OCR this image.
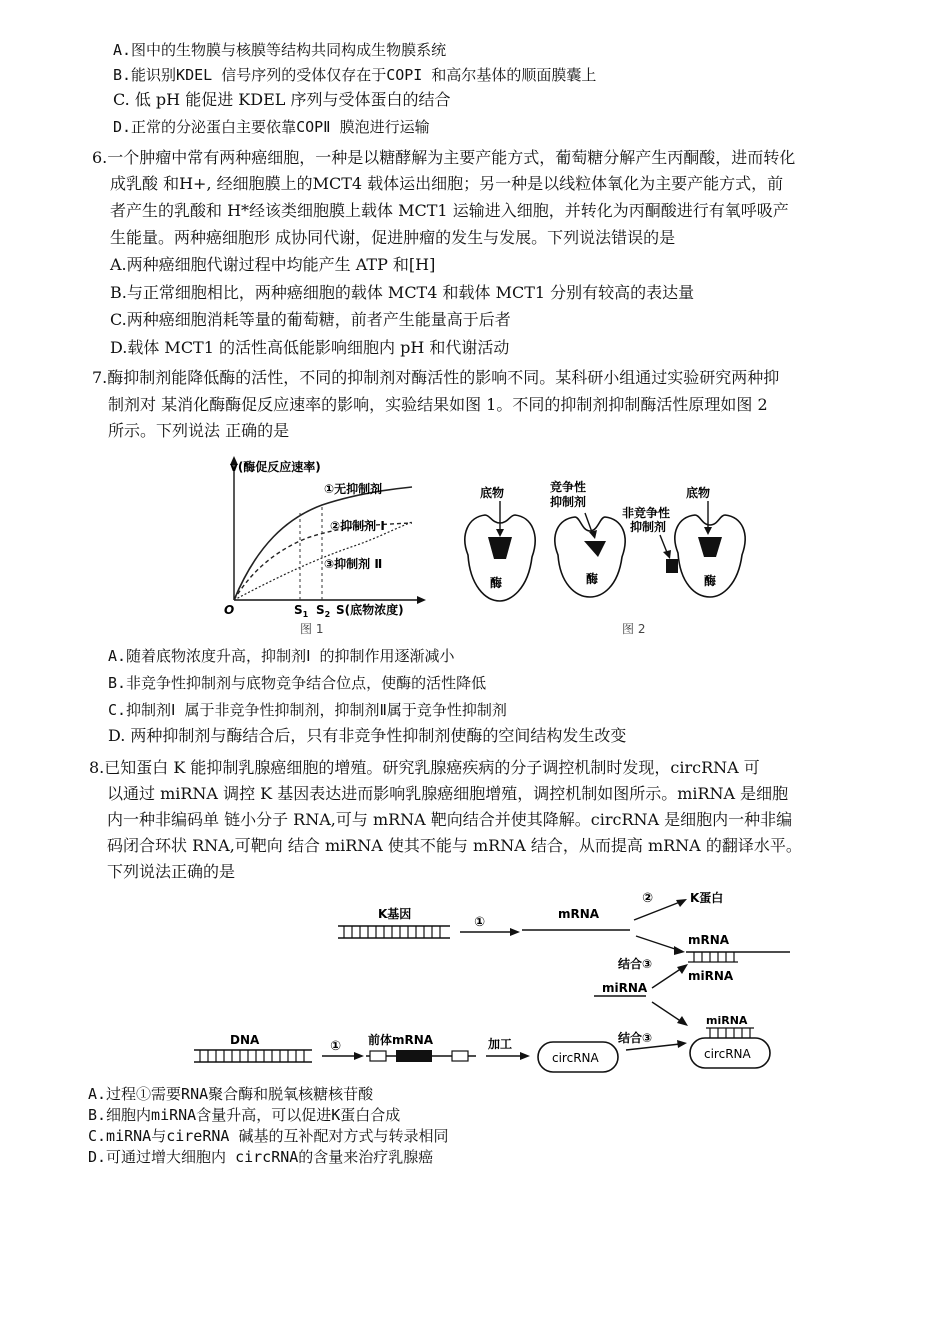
A.图中的生物膜与核膜等结构共同构成生物膜系统
B.能识别KDEL 信号序列的受体仅存在于COPI 和高尔基体的顺面膜囊上
C. 低 pH 能促进 KDEL 序列与受体蛋白的结合
D.正常的分泌蛋白主要依靠COPⅡ 膜泡进行运输
6.一个肿瘤中常有两种癌细胞，一种是以糖酵解为主要产能方式，葡萄糖分解产生丙酮酸，进而转化
成乳酸 和H+, 经细胞膜上的MCT4 载体运出细胞；另一种是以线粒体氧化为主要产能方式，前
者产生的乳酸和 H*经该类细胞膜上载体 MCT1 运输进入细胞，并转化为丙酮酸进行有氧呼吸产
生能量。两种癌细胞形 成协同代谢，促进肿瘤的发生与发展。下列说法错误的是
A.两种癌细胞代谢过程中均能产生 ATP 和[H]
B.与正常细胞相比，两种癌细胞的载体 MCT4 和载体 MCT1 分别有较高的表达量
C.两种癌细胞消耗等量的葡萄糖，前者产生能量高于后者
D.载体 MCT1 的活性高低能影响细胞内 pH 和代谢活动
7.酶抑制剂能降低酶的活性，不同的抑制剂对酶活性的影响不同。某科研小组通过实验研究两种抑
制剂对 某消化酶酶促反应速率的影响，实验结果如图 1。不同的抑制剂抑制酶活性原理如图 2
所示。下列说法 正确的是
v(酶促反应速率)
①无抑制剂
②抑制剂 Ⅰ
③抑制剂 Ⅱ
O	$S_1$ $S_2$ S(底物浓度)
图 1
底物
酶
竞争性
抑制剂
酶
非竞争性
抑制剂
底物
酶
图 2
A.随着底物浓度升高，抑制剂Ⅰ 的抑制作用逐渐减小
B.非竞争性抑制剂与底物竞争结合位点，使酶的活性降低
C.抑制剂Ⅰ 属于非竞争性抑制剂，抑制剂Ⅱ属于竞争性抑制剂
D. 两种抑制剂与酶结合后，只有非竞争性抑制剂使酶的空间结构发生改变
8.已知蛋白 K 能抑制乳腺癌细胞的增殖。研究乳腺癌疾病的分子调控机制时发现，circRNA 可
以通过 miRNA 调控 K 基因表达进而影响乳腺癌细胞增殖，调控机制如图所示。miRNA 是细胞
内一种非编码单 链小分子 RNA,可与 mRNA 靶向结合并使其降解。circRNA 是细胞内一种非编
码闭合环状 RNA,可靶向 结合 miRNA 使其不能与 mRNA 结合，从而提高 mRNA 的翻译水平。
下列说法正确的是
K基因
①
mRNA
②	K蛋白
mRNA
miRNA
结合③
miRNA
DNA	① 前体mRNA	加工
circRNA
结合③
miRNA
circRNA
A.过程①需要RNA聚合酶和脱氧核糖核苷酸
B.细胞内miRNA含量升高，可以促进K蛋白合成
C.miRNA与cireRNA 碱基的互补配对方式与转录相同
D.可通过增大细胞内 circRNA的含量来治疗乳腺癌
